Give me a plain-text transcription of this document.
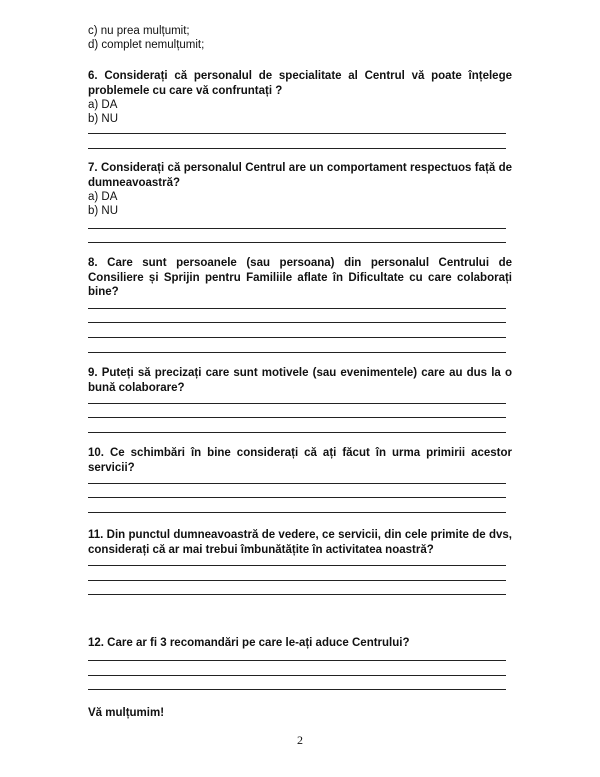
c) nu prea mulțumit;
d) complet nemulțumit;
6. Considerați că personalul de specialitate al Centrul vă poate înțelege problemele cu care vă confruntați ?
a) DA
b) NU
7. Considerați că personalul Centrul are un comportament respectuos față de dumneavoastră?
a) DA
b) NU
8. Care sunt persoanele (sau persoana) din personalul Centrului de Consiliere și Sprijin pentru Familiile aflate în Dificultate cu care colaborați bine?
9. Puteți să precizați care sunt motivele (sau evenimentele) care au dus la o bună colaborare?
10. Ce schimbări în bine considerați că ați făcut în urma primirii acestor servicii?
11. Din punctul dumneavoastră de vedere, ce servicii, din cele primite de dvs, considerați că ar mai trebui îmbunătățite în activitatea noastră?
12. Care ar fi 3 recomandări pe care le-ați aduce Centrului?
Vă mulțumim!
2
